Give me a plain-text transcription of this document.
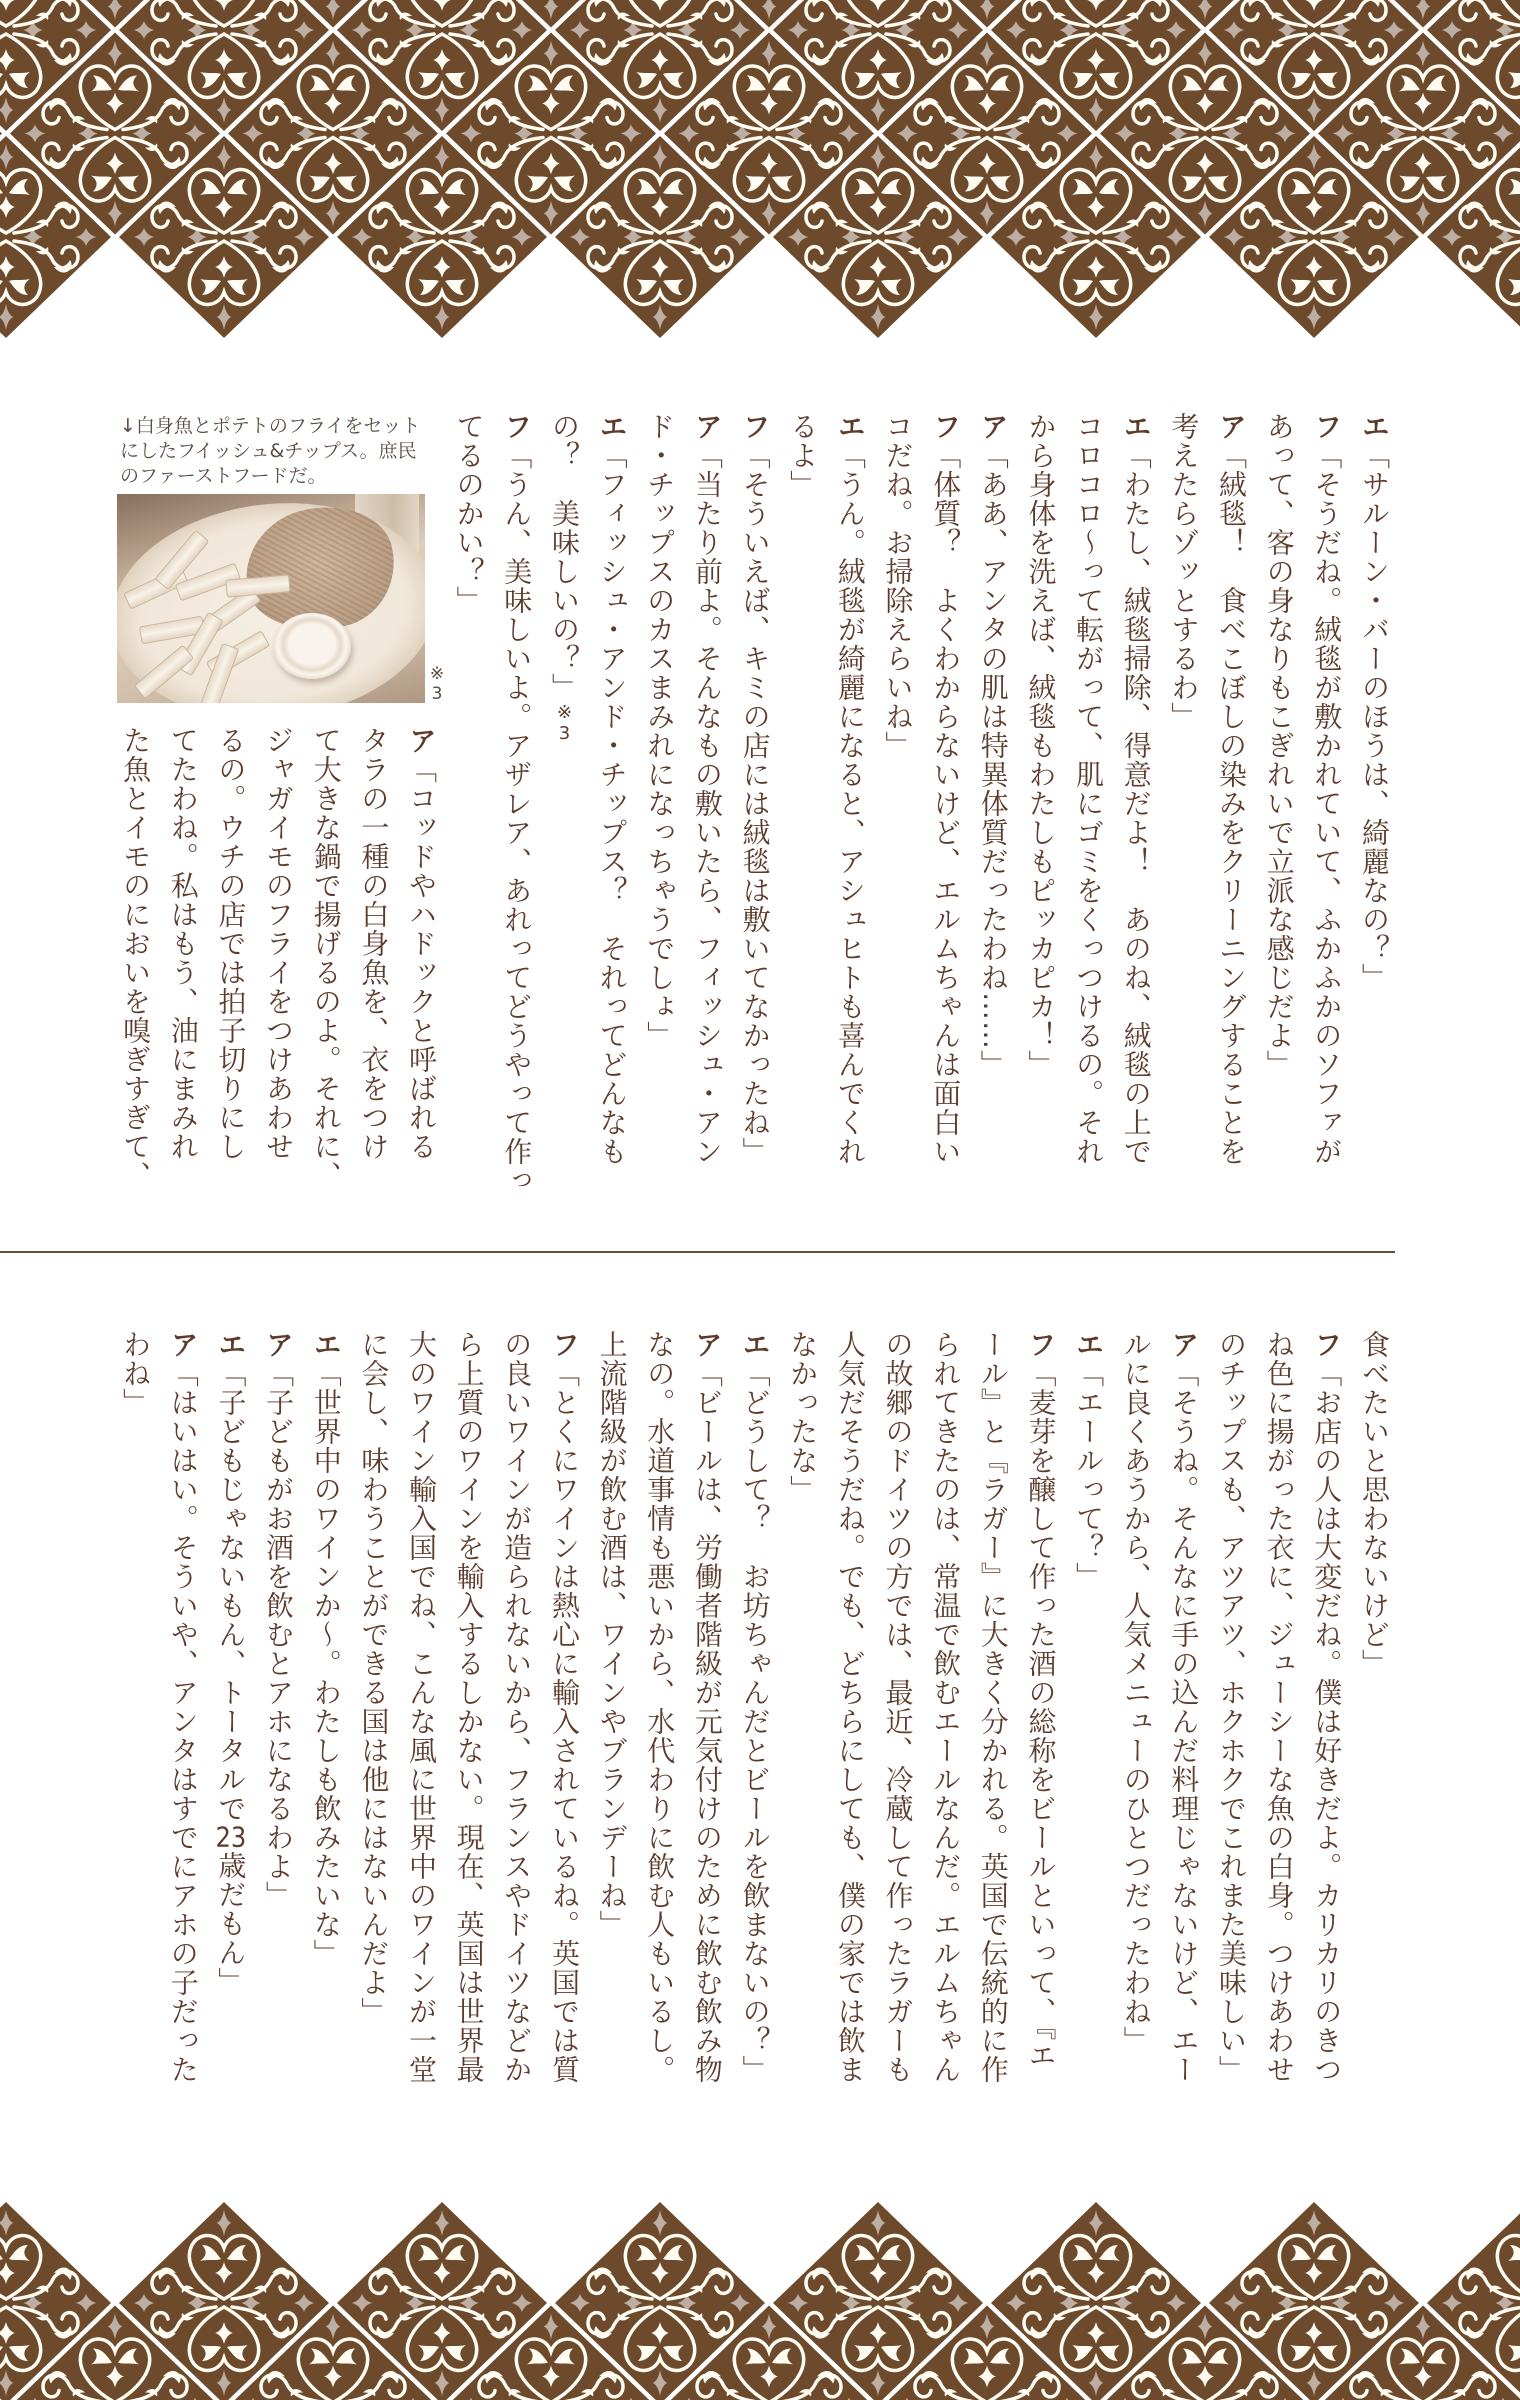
↓白身魚とポテトのフライをセット
にしたフイッシュ&チップス。庶民
のファーストフードだ。
※3
エ「サルーン・バーのほうは、綺麗なの？」
フ「そうだね。絨毯が敷かれていて、ふかふかのソファが
あって、客の身なりもこぎれいで立派な感じだよ」
ア「絨毯！　食べこぼしの染みをクリーニングすることを
考えたらゾッとするわ」
エ「わたし、絨毯掃除、得意だよ！　あのね、絨毯の上で
コロコロ〜って転がって、肌にゴミをくっつけるの。それ
から身体を洗えば、絨毯もわたしもピッカピカ！」
ア「ああ、アンタの肌は特異体質だったわね……」
フ「体質？　よくわからないけど、エルムちゃんは面白い
コだね。お掃除えらいね」
エ「うん。絨毯が綺麗になると、アシュヒトも喜んでくれ
るよ」
フ「そういえば、キミの店には絨毯は敷いてなかったね」
ア「当たり前よ。そんなもの敷いたら、フィッシュ・アン
ド・チップスのカスまみれになっちゃうでしょ」
エ「フィッシュ・アンド・チップス？　それってどんなも
の？　美味しいの？」※3
フ「うん、美味しいよ。アザレア、あれってどうやって作っ
てるのかい？」
ア「コッドやハドックと呼ばれる
タラの一種の白身魚を、衣をつけ
て大きな鍋で揚げるのよ。それに、
ジャガイモのフライをつけあわせ
るの。ウチの店では拍子切りにし
てたわね。私はもう、油にまみれ
た魚とイモのにおいを嗅ぎすぎて、
食べたいと思わないけど」
フ「お店の人は大変だね。僕は好きだよ。カリカリのきつ
ね色に揚がった衣に、ジューシーな魚の白身。つけあわせ
のチップスも、アツアツ、ホクホクでこれまた美味しい」
ア「そうね。そんなに手の込んだ料理じゃないけど、エー
ルに良くあうから、人気メニューのひとつだったわね」
エ「エールって？」
フ「麦芽を醸して作った酒の総称をビールといって、『エ
ール』と『ラガー』に大きく分かれる。英国で伝統的に作
られてきたのは、常温で飲むエールなんだ。エルムちゃん
の故郷のドイツの方では、最近、冷蔵して作ったラガーも
人気だそうだね。でも、どちらにしても、僕の家では飲ま
なかったな」
エ「どうして？　お坊ちゃんだとビールを飲まないの？」
ア「ビールは、労働者階級が元気付けのために飲む飲み物
なの。水道事情も悪いから、水代わりに飲む人もいるし。
上流階級が飲む酒は、ワインやブランデーね」
フ「とくにワインは熱心に輸入されているね。英国では質
の良いワインが造られないから、フランスやドイツなどか
ら上質のワインを輸入するしかない。現在、英国は世界最
大のワイン輸入国でね、こんな風に世界中のワインが一堂
に会し、味わうことができる国は他にはないんだよ」
エ「世界中のワインか〜。わたしも飲みたいな」
ア「子どもがお酒を飲むとアホになるわよ」
エ「子どもじゃないもん、トータルで23歳だもん」
ア「はいはい。そういや、アンタはすでにアホの子だった
わね」
